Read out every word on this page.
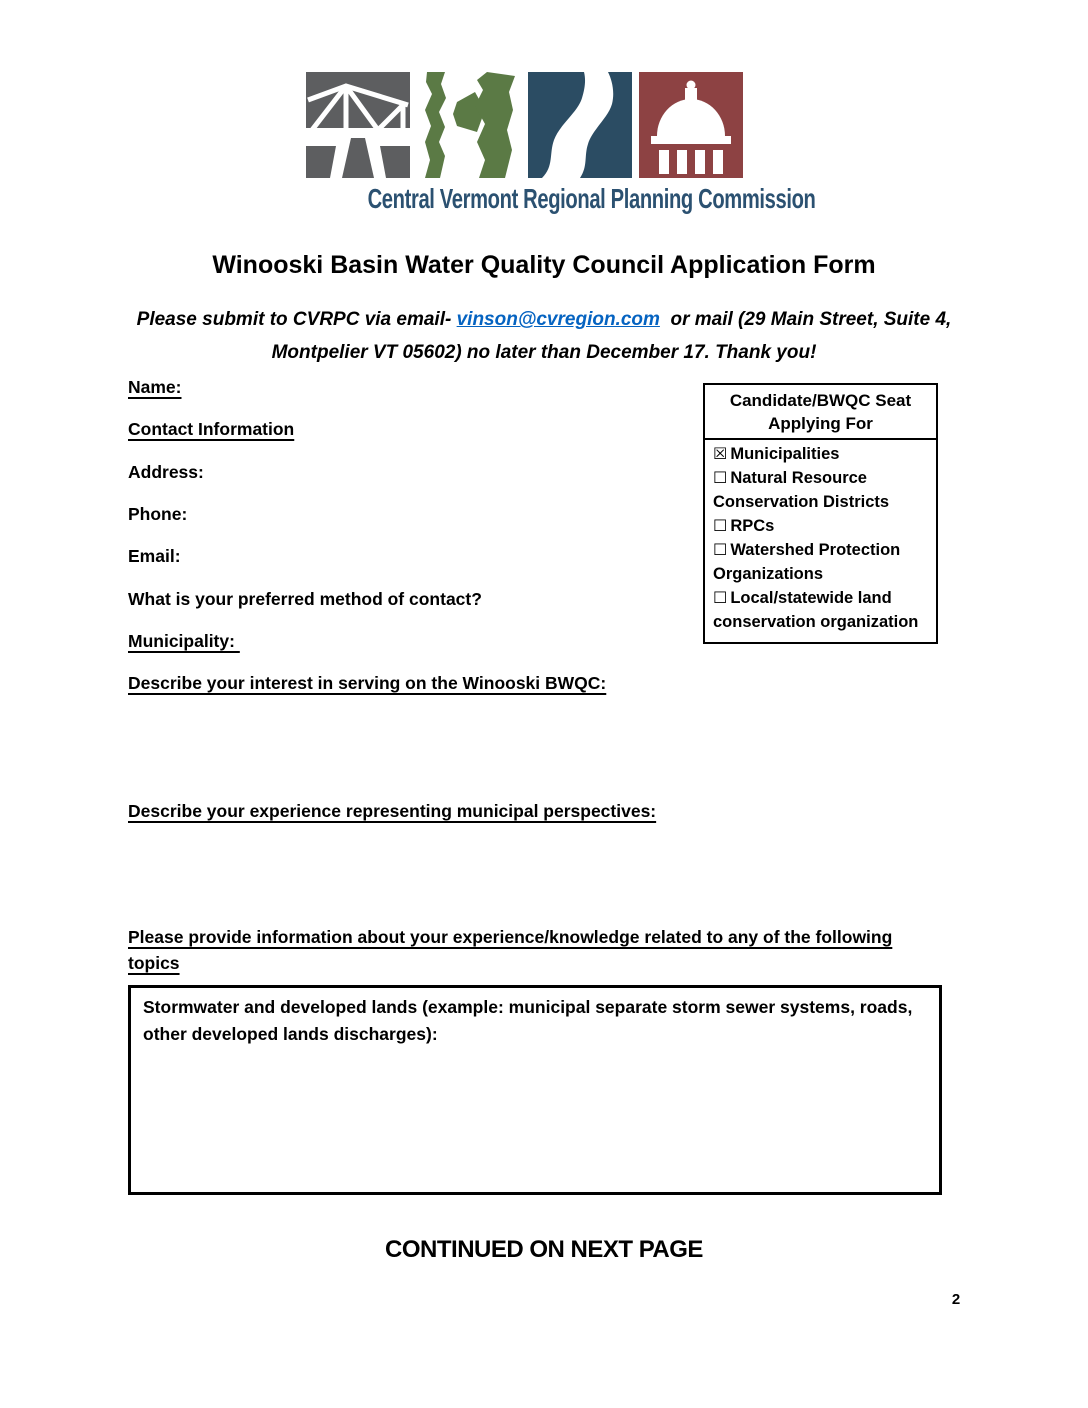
Central Vermont Regional Planning Commission
Winooski Basin Water Quality Council Application Form
Please submit to CVRPC via email- vinson@cvregion.com  or mail (29 Main Street, Suite 4, Montpelier VT 05602) no later than December 17. Thank you!
Name:
Contact Information
Address:
Phone:
Email:
What is your preferred method of contact?
Municipality:
Candidate/BWQC Seat Applying For
☒ Municipalities
☐ Natural Resource Conservation Districts
☐ RPCs
☐ Watershed Protection Organizations
☐ Local/statewide land conservation organization
Describe your interest in serving on the Winooski BWQC:
Describe your experience representing municipal perspectives:
Please provide information about your experience/knowledge related to any of the following topics
Stormwater and developed lands (example: municipal separate storm sewer systems, roads, other developed lands discharges):
CONTINUED ON NEXT PAGE
2
